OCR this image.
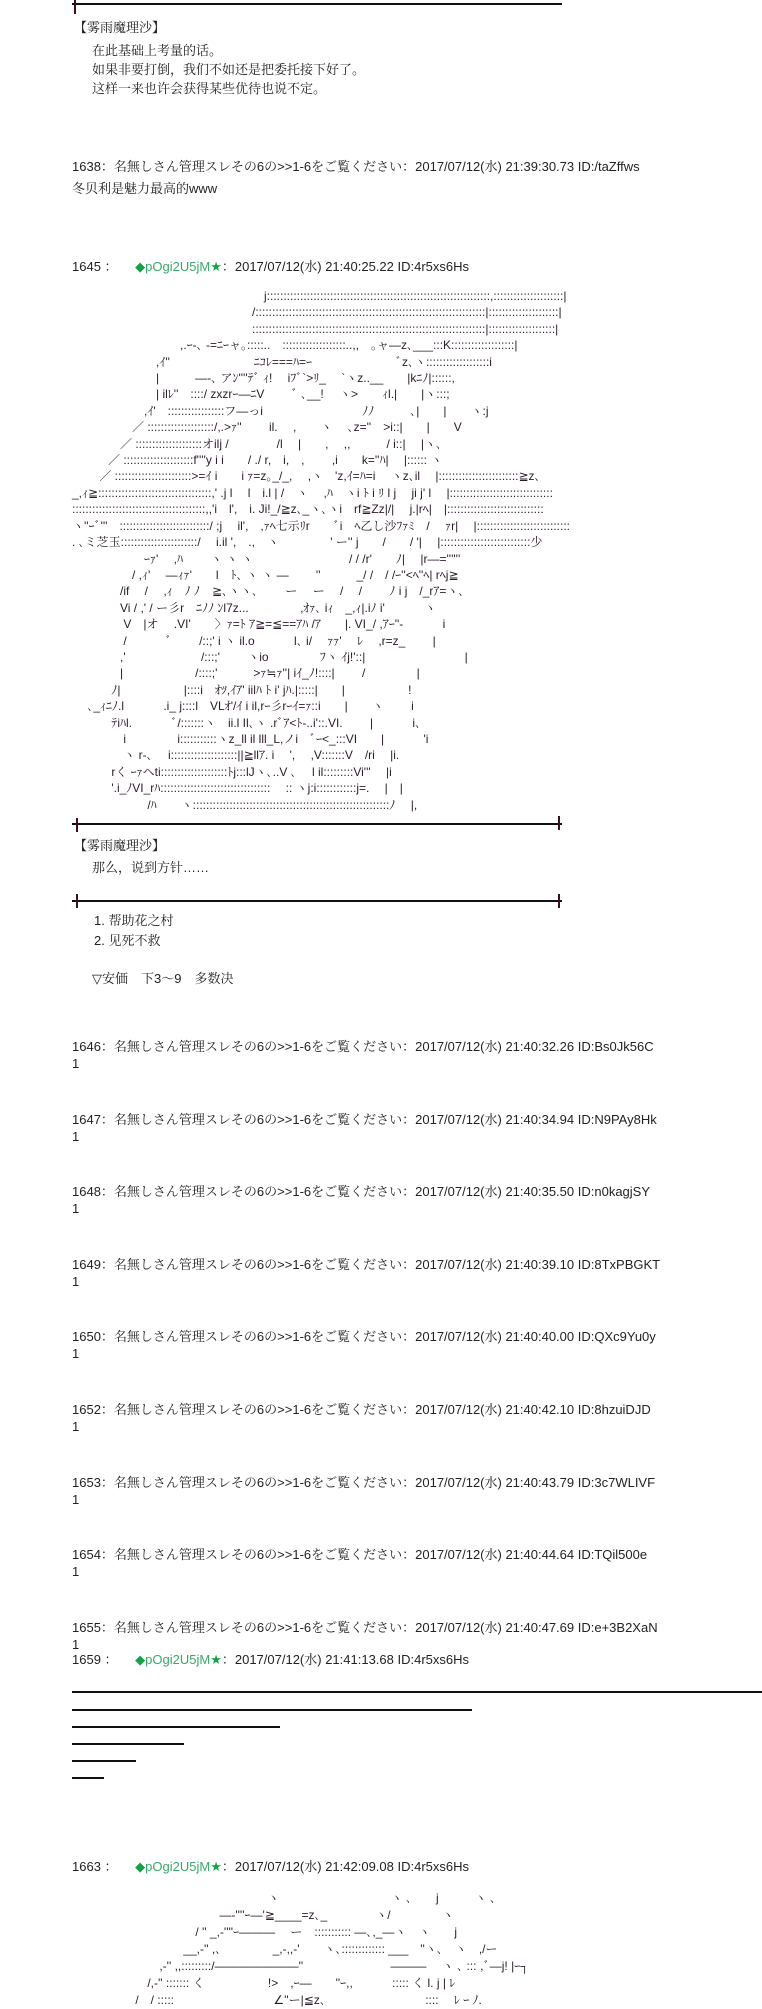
【雾雨魔理沙】
在此基础上考量的话。
如果非要打倒，我们不如还是把委托接下好了。
这样一来也许会获得某些优待也说不定。
1638：名無しさん管理スレその6の>>1-6をご覧ください：2017/07/12(水) 21:39:30.73 ID:/taZffws
冬贝利是魅力最高的www
1645 ： ◆pOgi2U5jM★：2017/07/12(水) 21:40:25.22 ID:4r5xs6Hs
　　　　　　　　　　　　　　　　j:::::::::::::::::::::::::::::::::::::::::::::::::::::::::::::::::::,:::::::::::::::::::::|
　　　　　　　　　　　　　　　/:::::::::::::::::::::::::::::::::::::::::::::::::::::::::::::::::::::|:::::::::::::::::::::|
　　　　　　　　　　　　　　　::::::::::::::::::::::::::::::::::::::::::::::::::::::::::::::::::::::|::::::::::::::::::::|
　　　　　　　　　,.ｰ-､ -=ﾆｰャ｡:::::..　:::::::::::::::::::..,,　｡ャ―z､___:::K:::::::::::::::::::|
　　　　　　　,ｲ''　　　　　　　ﾆｺﾚ===ﾊ=ｰ　　　　　　　ﾞz､ヽ:::::::::::::::::::i
　　　　　　　|　　　―-､ アﾝ''''ﾃﾞ ｨ!　 iﾌﾞ`>ﾘ_　 `ヽz..__　　|kﾆﾉ|::::::,
　　　　　　　| ilﾚ''　::::/ zxzrｰ―ﾆV　　 ﾞ ､__!　 ヽ>　　ｨl.|　　|ヽ:::;
　　　　　　,ｲ'　:::::::::::::::::フ―っi　　　　　　　　 ﾉﾉ　　　､|　　|　　ヽ:j
　　　　　／ ::::::::::::::::::::/,.>ｧ''　　 il.　 ,　　ヽ　 ､z=''　>i::|　　|　　V
　　　　／ ::::::::::::::::::::オilj /　　　　/l　 |　　,　 ,,　　　/ i::|　 |ヽ､
　　　／ :::::::::::::::::::::f''''y i i　　/ ./ r,　i,　,　　 ,i　　k=''ﾊ|　 |:::::: ヽ
　　 ／ :::::::::::::::::::::::>=ｲ i　　i ｧ=z｡_/_,　 ,ヽ　'z,ｲ=ﾊ=i　 ヽz､il　 |::::::::::::::::::::::::≧z､
_,ｨ≧::::::::::::::::::::::::::::::::::,' .j l　 l　i.l | /　ヽ　 ,ﾊ　ヽi ﾄ i ﾘ l j　 ji j' l　 |:::::::::::::::::::::::::::::::
::::::::::::::::::::::::::::::::::::::::,,'i　l',　i. Ji!_/≧z､_ヽ､ヽi　rf≧Zz|/|　 j.|rﾍ|　|:::::::::::::::::::::::::::::
ヽ''ｰﾞ'''　:::::::::::::::::::::::::::/ ;j　 il',　,ｧﾍ七示ﾘr　　ﾞi　ﾍ乙し沙ﾌｧﾐ　/　 ｧr|　 |::::::::::::::::::::::::::::
. ､ミ芝玉:::::::::::::::::::::::/　 i.il ',　.,　ヽ　　　　 ' ー'' j　　/　　/ '|　 |:::::::::::::::::::::::::::少
　　　　　　ｰｧ'　 ,ﾊ　　 ヽ ヽ ヽ　　　　　　　　/ / /r'　　ﾉ|　 |r―=''''''
　　　　　/ ,ｨ'　 ―ｨｧ'　　l　ﾄ､ ヽ ヽ ―　　 ''　　　_/ /　/ /ｰ''<ﾍ''ﾍ| rﾍj≧
　　　　/if　 /　 ,ｨ　ﾉ ﾉ　≧､ヽヽ､　　 ー　 ー　 /　 /　　 ﾉ i j　/_rｱ=ヽ､
　　　　Vi / ,' / ー彡r　ﾆﾉﾉ ﾝl7z...　　　　 ,ｵｧ､ iｨ　_,ｨ|.iﾉ i'　　　 ヽ
　　　　 V　|オ　 .VI'　　〉ｧ=ﾄ ｱ≧=≦==ｱﾊ /ｱ　　|. VI_/ ,ｱｰ''-　　　 i
　　　　 /　　　 ﾞ　　 /::;' i ヽ il.o　　　 l､ i/　 ｧｧ'　 ﾚ　 ,r=z_　　 |
　　　　,'　　　　　　 /:::;'　　 ヽio　　　　 ﾌヽ ｲj!'::|　　　　　　　　 |
　　　　|　　　　　　/::::;'　　　>ｧ≒ｧ''| iｲ_ﾉ!::::|　　 /　　　　 |
　　　 ﾉ|　　　　　 |::::i　ｵﾂ,ｲｱ' iilﾊ ﾄ i' jﾊ.|:::::|　　|　　　　　 !
　 ､_ｨﾆﾉ.l　　　 .i_ j::::l　VLｵ'/ｲ i il,rｰ彡rｰｲ=ｧ::i　　|　　ヽ　　 i
　　　 ﾃiﾊl.　　　 ﾞ/:::::::ヽ　ii.l Il､ヽ .rﾞｱ<ﾄ-..i'::.VI.　　 |　　　 i､
　　　　 i　　　　 i:::::::::::ヽz_ll il lll_L,ノi　ﾞｰ<_:::VI　　|　　　 'i
　　　　 ヽ r-､　 i::::::::::::::::::::||≧llｱ. i　 ',　 ,V:::::::V　/ri　 |i.
　　　 rく ｰｧヘti::::::::::::::::::::ﾄj:::lJヽ､..V ､　 l il:::::::::Vi'''　 |i
　　　 '.i_ﾉVI_rﾊ:::::::::::::::::::::::::::::::::　 :: ヽj:i::::::::::::j=.　 |　|
　　　　　　 /ﾊ　　ヽ:::::::::::::::::::::::::::::::::::::::::::::::::::::::::::ﾉ　 |,
【雾雨魔理沙】
那么，说到方针……
1. 帮助花之村
2. 见死不救
▽安価　下3～9　多数决
1646：名無しさん管理スレその6の>>1-6をご覧ください：2017/07/12(水) 21:40:32.26 ID:Bs0Jk56C
1
1647：名無しさん管理スレその6の>>1-6をご覧ください：2017/07/12(水) 21:40:34.94 ID:N9PAy8Hk
1
1648：名無しさん管理スレその6の>>1-6をご覧ください：2017/07/12(水) 21:40:35.50 ID:n0kagjSY
1
1649：名無しさん管理スレその6の>>1-6をご覧ください：2017/07/12(水) 21:40:39.10 ID:8TxPBGKT
1
1650：名無しさん管理スレその6の>>1-6をご覧ください：2017/07/12(水) 21:40:40.00 ID:QXc9Yu0y
1
1652：名無しさん管理スレその6の>>1-6をご覧ください：2017/07/12(水) 21:40:42.10 ID:8hzuiDJD
1
1653：名無しさん管理スレその6の>>1-6をご覧ください：2017/07/12(水) 21:40:43.79 ID:3c7WLIVF
1
1654：名無しさん管理スレその6の>>1-6をご覧ください：2017/07/12(水) 21:40:44.64 ID:TQil500e
1
1655：名無しさん管理スレその6の>>1-6をご覧ください：2017/07/12(水) 21:40:47.69 ID:e+3B2XaN
1
1659 ： ◆pOgi2U5jM★：2017/07/12(水) 21:41:13.68 ID:4r5xs6Hs
1663 ： ◆pOgi2U5jM★：2017/07/12(水) 21:42:09.08 ID:4r5xs6Hs
　　　　　　　　　　　　　　　　 ヽ　　　　　　　　　 ヽ ､　　j　　　ヽ ､
　　　　　　　　　　　　 ―-''''ｰ―'≧____=z､_　　　　ヽ/　　　　 ヽ
　　　　　　　　　　 / '' _,-''''ｰ―――　 ー　::::::::::: ―､,_―ヽ　ヽ　　j
　　　　　　　　　 __,-'' ,､　　　　 _,-,,-'　　ヽ､::::::::::::: ___　''ヽ､　ヽ　,/ー
　　　　　　　 ,-'' ,,:::::::::/―――――――''　　　　　　　 ―――　 ヽ ､ ::: ,ﾞ―j! |ｰ┐
　　　　　　 /,-'' ::::::: く　　　　　 !>　,ｰ―　　''ｰ,,　　　 ::::: く l. j | ﾚ
　　　　　 /　/ :::::　　　　　　　　 ∠''ー|≦z､　　　　　　　 　::::　 ﾚ ｰ ﾉ.
